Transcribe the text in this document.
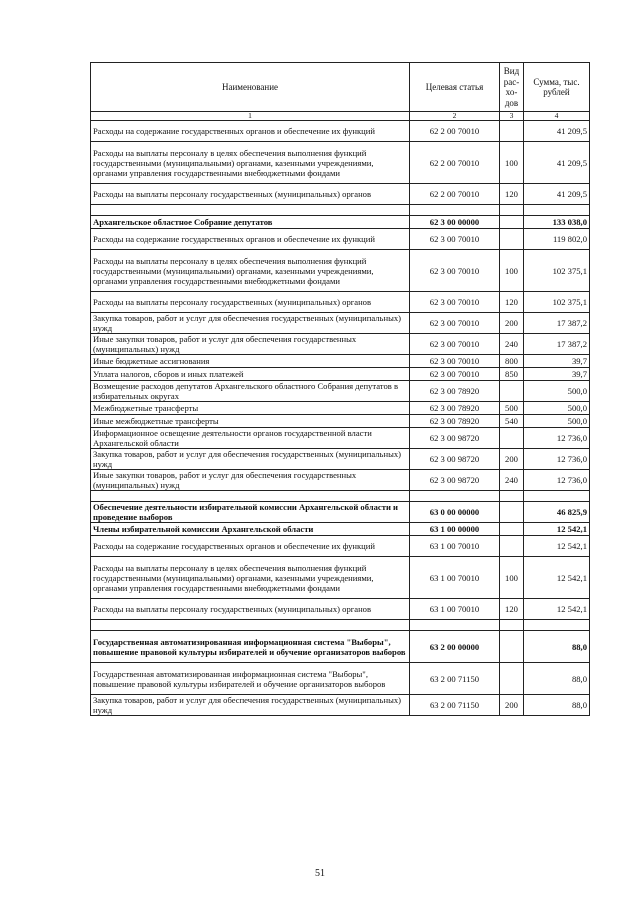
Наименование	Целевая статья	Вид рас-хо-дов	Сумма, тыс. рублей
1	2	3	4
Расходы на содержание государственных органов и обеспечение их функций	62 2 00 70010		41 209,5
Расходы на выплаты персоналу в целях обеспечения выполнения функций государственными (муниципальными) органами, казенными учреждениями, органами управления государственными внебюджетными фондами	62 2 00 70010	100	41 209,5
Расходы на выплаты персоналу государственных (муниципальных) органов	62 2 00 70010	120	41 209,5

Архангельское областное Собрание депутатов	62 3 00 00000		133 038,0
Расходы на содержание государственных органов и обеспечение их функций	62 3 00 70010		119 802,0
Расходы на выплаты персоналу в целях обеспечения выполнения функций государственными (муниципальными) органами, казенными учреждениями, органами управления государственными внебюджетными фондами	62 3 00 70010	100	102 375,1
Расходы на выплаты персоналу государственных (муниципальных) органов	62 3 00 70010	120	102 375,1
Закупка товаров, работ и услуг для обеспечения государственных (муниципальных) нужд	62 3 00 70010	200	17 387,2
Иные закупки товаров, работ и услуг для обеспечения государственных (муниципальных) нужд	62 3 00 70010	240	17 387,2
Иные бюджетные ассигнования	62 3 00 70010	800	39,7
Уплата налогов, сборов и иных платежей	62 3 00 70010	850	39,7
Возмещение расходов депутатов Архангельского областного Собрания депутатов в избирательных округах	62 3 00 78920		500,0
Межбюджетные трансферты	62 3 00 78920	500	500,0
Иные межбюджетные трансферты	62 3 00 78920	540	500,0
Информационное освещение деятельности органов государственной власти Архангельской области	62 3 00 98720		12 736,0
Закупка товаров, работ и услуг для обеспечения государственных (муниципальных) нужд	62 3 00 98720	200	12 736,0
Иные закупки товаров, работ и услуг для обеспечения государственных (муниципальных) нужд	62 3 00 98720	240	12 736,0

Обеспечение деятельности избирательной комиссии Архангельской области и проведение выборов	63 0 00 00000		46 825,9
Члены избирательной комиссии Архангельской области	63 1 00 00000		12 542,1
Расходы на содержание государственных органов и обеспечение их функций	63 1 00 70010		12 542,1
Расходы на выплаты персоналу в целях обеспечения выполнения функций государственными (муниципальными) органами, казенными учреждениями, органами управления государственными внебюджетными фондами	63 1 00 70010	100	12 542,1
Расходы на выплаты персоналу государственных (муниципальных) органов	63 1 00 70010	120	12 542,1

Государственная автоматизированная информационная система "Выборы", повышение правовой культуры избирателей и обучение организаторов выборов	63 2 00 00000		88,0
Государственная автоматизированная информационная система "Выборы", повышение правовой культуры избирателей и обучение организаторов выборов	63 2 00 71150		88,0
Закупка товаров, работ и услуг для обеспечения государственных (муниципальных) нужд	63 2 00 71150	200	88,0
51
